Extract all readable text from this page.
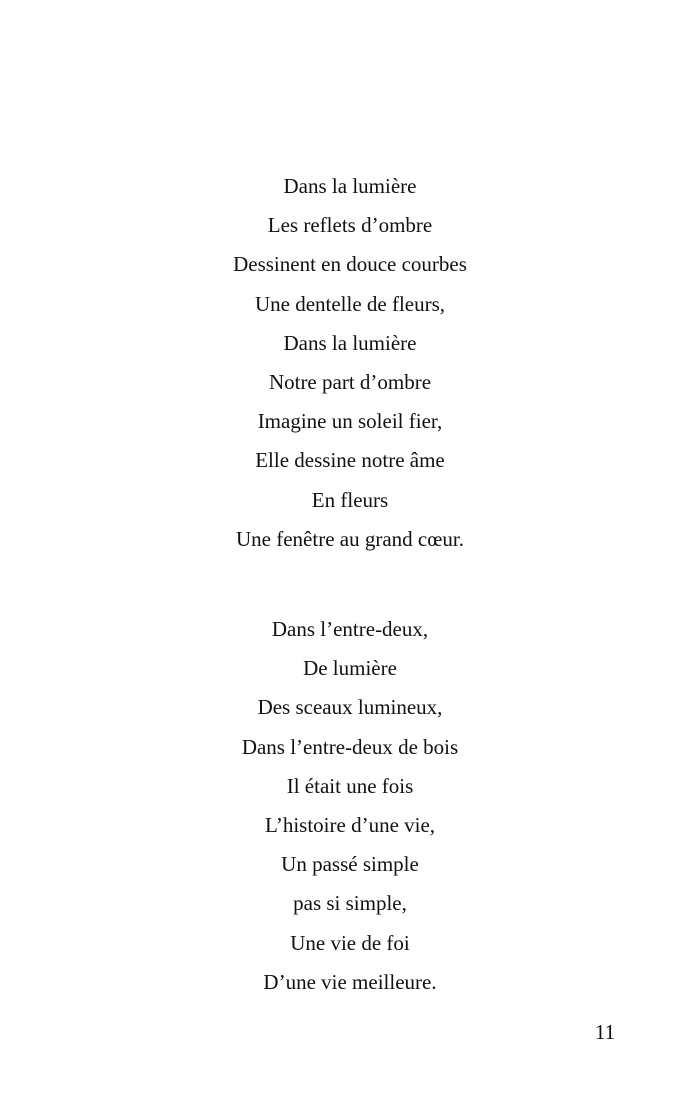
Dans la lumière
Les reflets d’ombre
Dessinent en douce courbes
Une dentelle de fleurs,
Dans la lumière
Notre part d’ombre
Imagine un soleil fier,
Elle dessine notre âme
En fleurs
Une fenêtre au grand cœur.
Dans l’entre-deux,
De lumière
Des sceaux lumineux,
Dans l’entre-deux de bois
Il était une fois
L’histoire d’une vie,
Un passé simple
pas si simple,
Une vie de foi
D’une vie meilleure.
11
